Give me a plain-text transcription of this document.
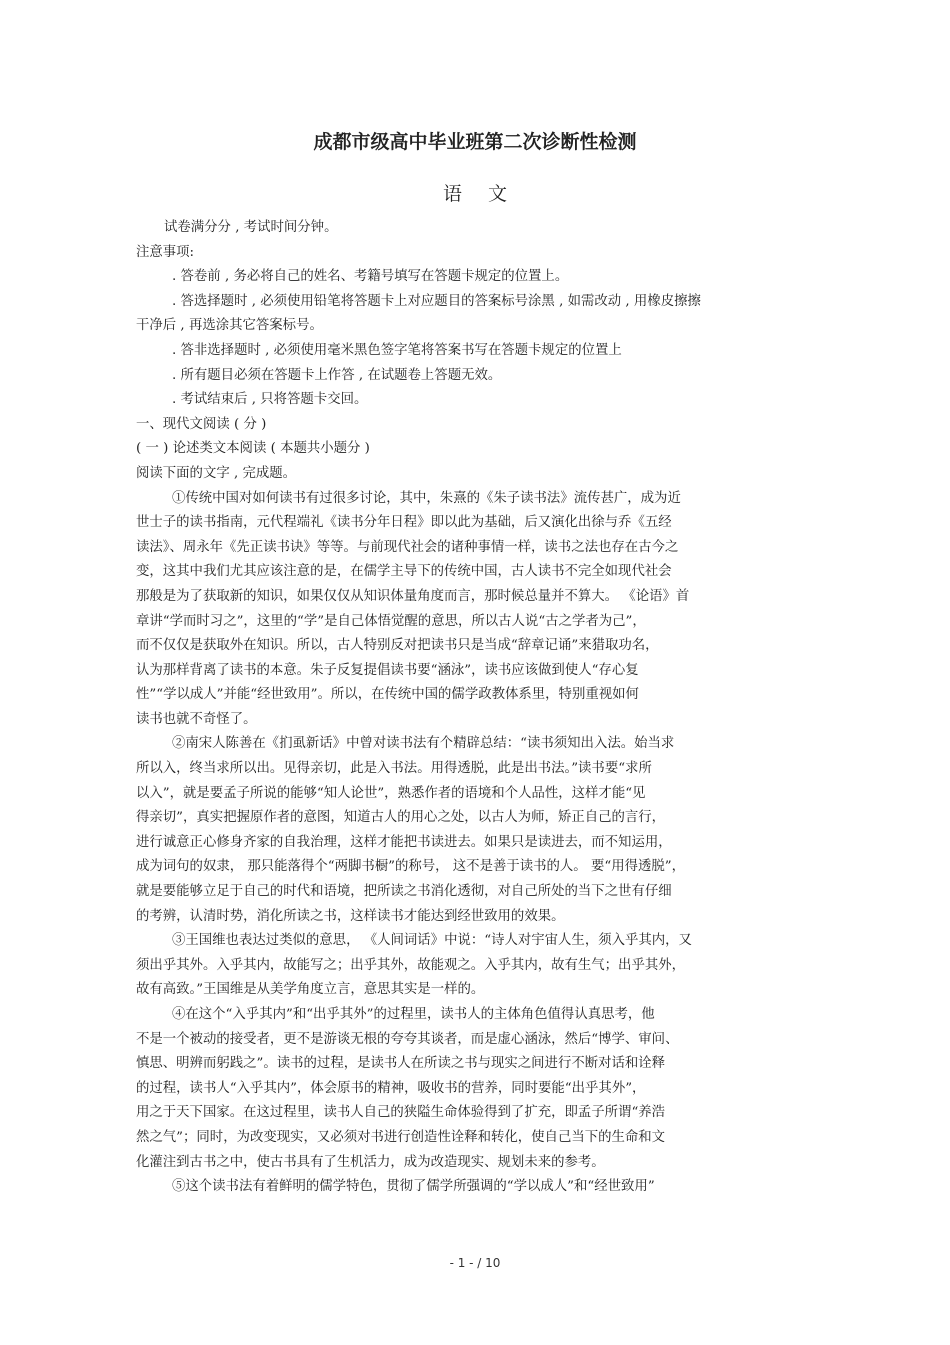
成都市级高中毕业班第二次诊断性检测
语文
试卷满分分 , 考试时间分钟。
注意事项:
. 答卷前 , 务必将自己的姓名、考籍号填写在答题卡规定的位置上。
. 答选择题时 , 必须使用铅笔将答题卡上对应题目的答案标号涂黑 , 如需改动 , 用橡皮擦擦
干净后 , 再选涂其它答案标号。
. 答非选择题时 , 必须使用毫米黑色签字笔将答案书写在答题卡规定的位置上
. 所有题目必须在答题卡上作答 , 在试题卷上答题无效。
. 考试结束后 , 只将答题卡交回。
一、现代文阅读 ( 分 )
( 一 ) 论述类文本阅读 ( 本题共小题分 )
阅读下面的文字 , 完成题。
①传统中国对如何读书有过很多讨论，其中，朱熹的《朱子读书法》流传甚广，成为近
世士子的读书指南，元代程端礼《读书分年日程》即以此为基础，后又演化出徐与乔《五经
读法》、周永年《先正读书诀》等等。与前现代社会的诸种事情一样，读书之法也存在古今之
变，这其中我们尤其应该注意的是，在儒学主导下的传统中国，古人读书不完全如现代社会
那般是为了获取新的知识，如果仅仅从知识体量角度而言，那时候总量并不算大。 《论语》首
章讲“学而时习之”，这里的“学”是自己体悟觉醒的意思，所以古人说“古之学者为己”，
而不仅仅是获取外在知识。所以，古人特别反对把读书只是当成“辞章记诵”来猎取功名，
认为那样背离了读书的本意。朱子反复提倡读书要“涵泳”，读书应该做到使人“存心复
性”“学以成人”并能“经世致用”。所以，在传统中国的儒学政教体系里，特别重视如何
读书也就不奇怪了。
②南宋人陈善在《扪虱新话》中曾对读书法有个精辟总结：“读书须知出入法。始当求
所以入，终当求所以出。见得亲切，此是入书法。用得透脱，此是出书法。”读书要“求所
以入”，就是要孟子所说的能够“知人论世”，熟悉作者的语境和个人品性，这样才能“见
得亲切”，真实把握原作者的意图，知道古人的用心之处，以古人为师，矫正自己的言行，
进行诚意正心修身齐家的自我治理，这样才能把书读进去。如果只是读进去，而不知运用，
成为词句的奴隶， 那只能落得个“两脚书橱”的称号， 这不是善于读书的人。 要“用得透脱”，
就是要能够立足于自己的时代和语境，把所读之书消化透彻，对自己所处的当下之世有仔细
的考辨，认清时势，消化所读之书，这样读书才能达到经世致用的效果。
③王国维也表达过类似的意思， 《人间词话》中说：“诗人对宇宙人生，须入乎其内，又
须出乎其外。入乎其内，故能写之；出乎其外，故能观之。入乎其内，故有生气；出乎其外，
故有高致。”王国维是从美学角度立言，意思其实是一样的。
④在这个“入乎其内”和“出乎其外”的过程里，读书人的主体角色值得认真思考，他
不是一个被动的接受者，更不是游谈无根的夸夸其谈者，而是虚心涵泳，然后“博学、审问、
慎思、明辨而躬践之”。读书的过程，是读书人在所读之书与现实之间进行不断对话和诠释
的过程，读书人“入乎其内”，体会原书的精神，吸收书的营养，同时要能“出乎其外”，
用之于天下国家。在这过程里，读书人自己的狭隘生命体验得到了扩充，即孟子所谓“养浩
然之气”；同时，为改变现实，又必须对书进行创造性诠释和转化，使自己当下的生命和文
化灌注到古书之中，使古书具有了生机活力，成为改造现实、规划未来的参考。
⑤这个读书法有着鲜明的儒学特色，贯彻了儒学所强调的“学以成人”和“经世致用”
- 1 - / 10
